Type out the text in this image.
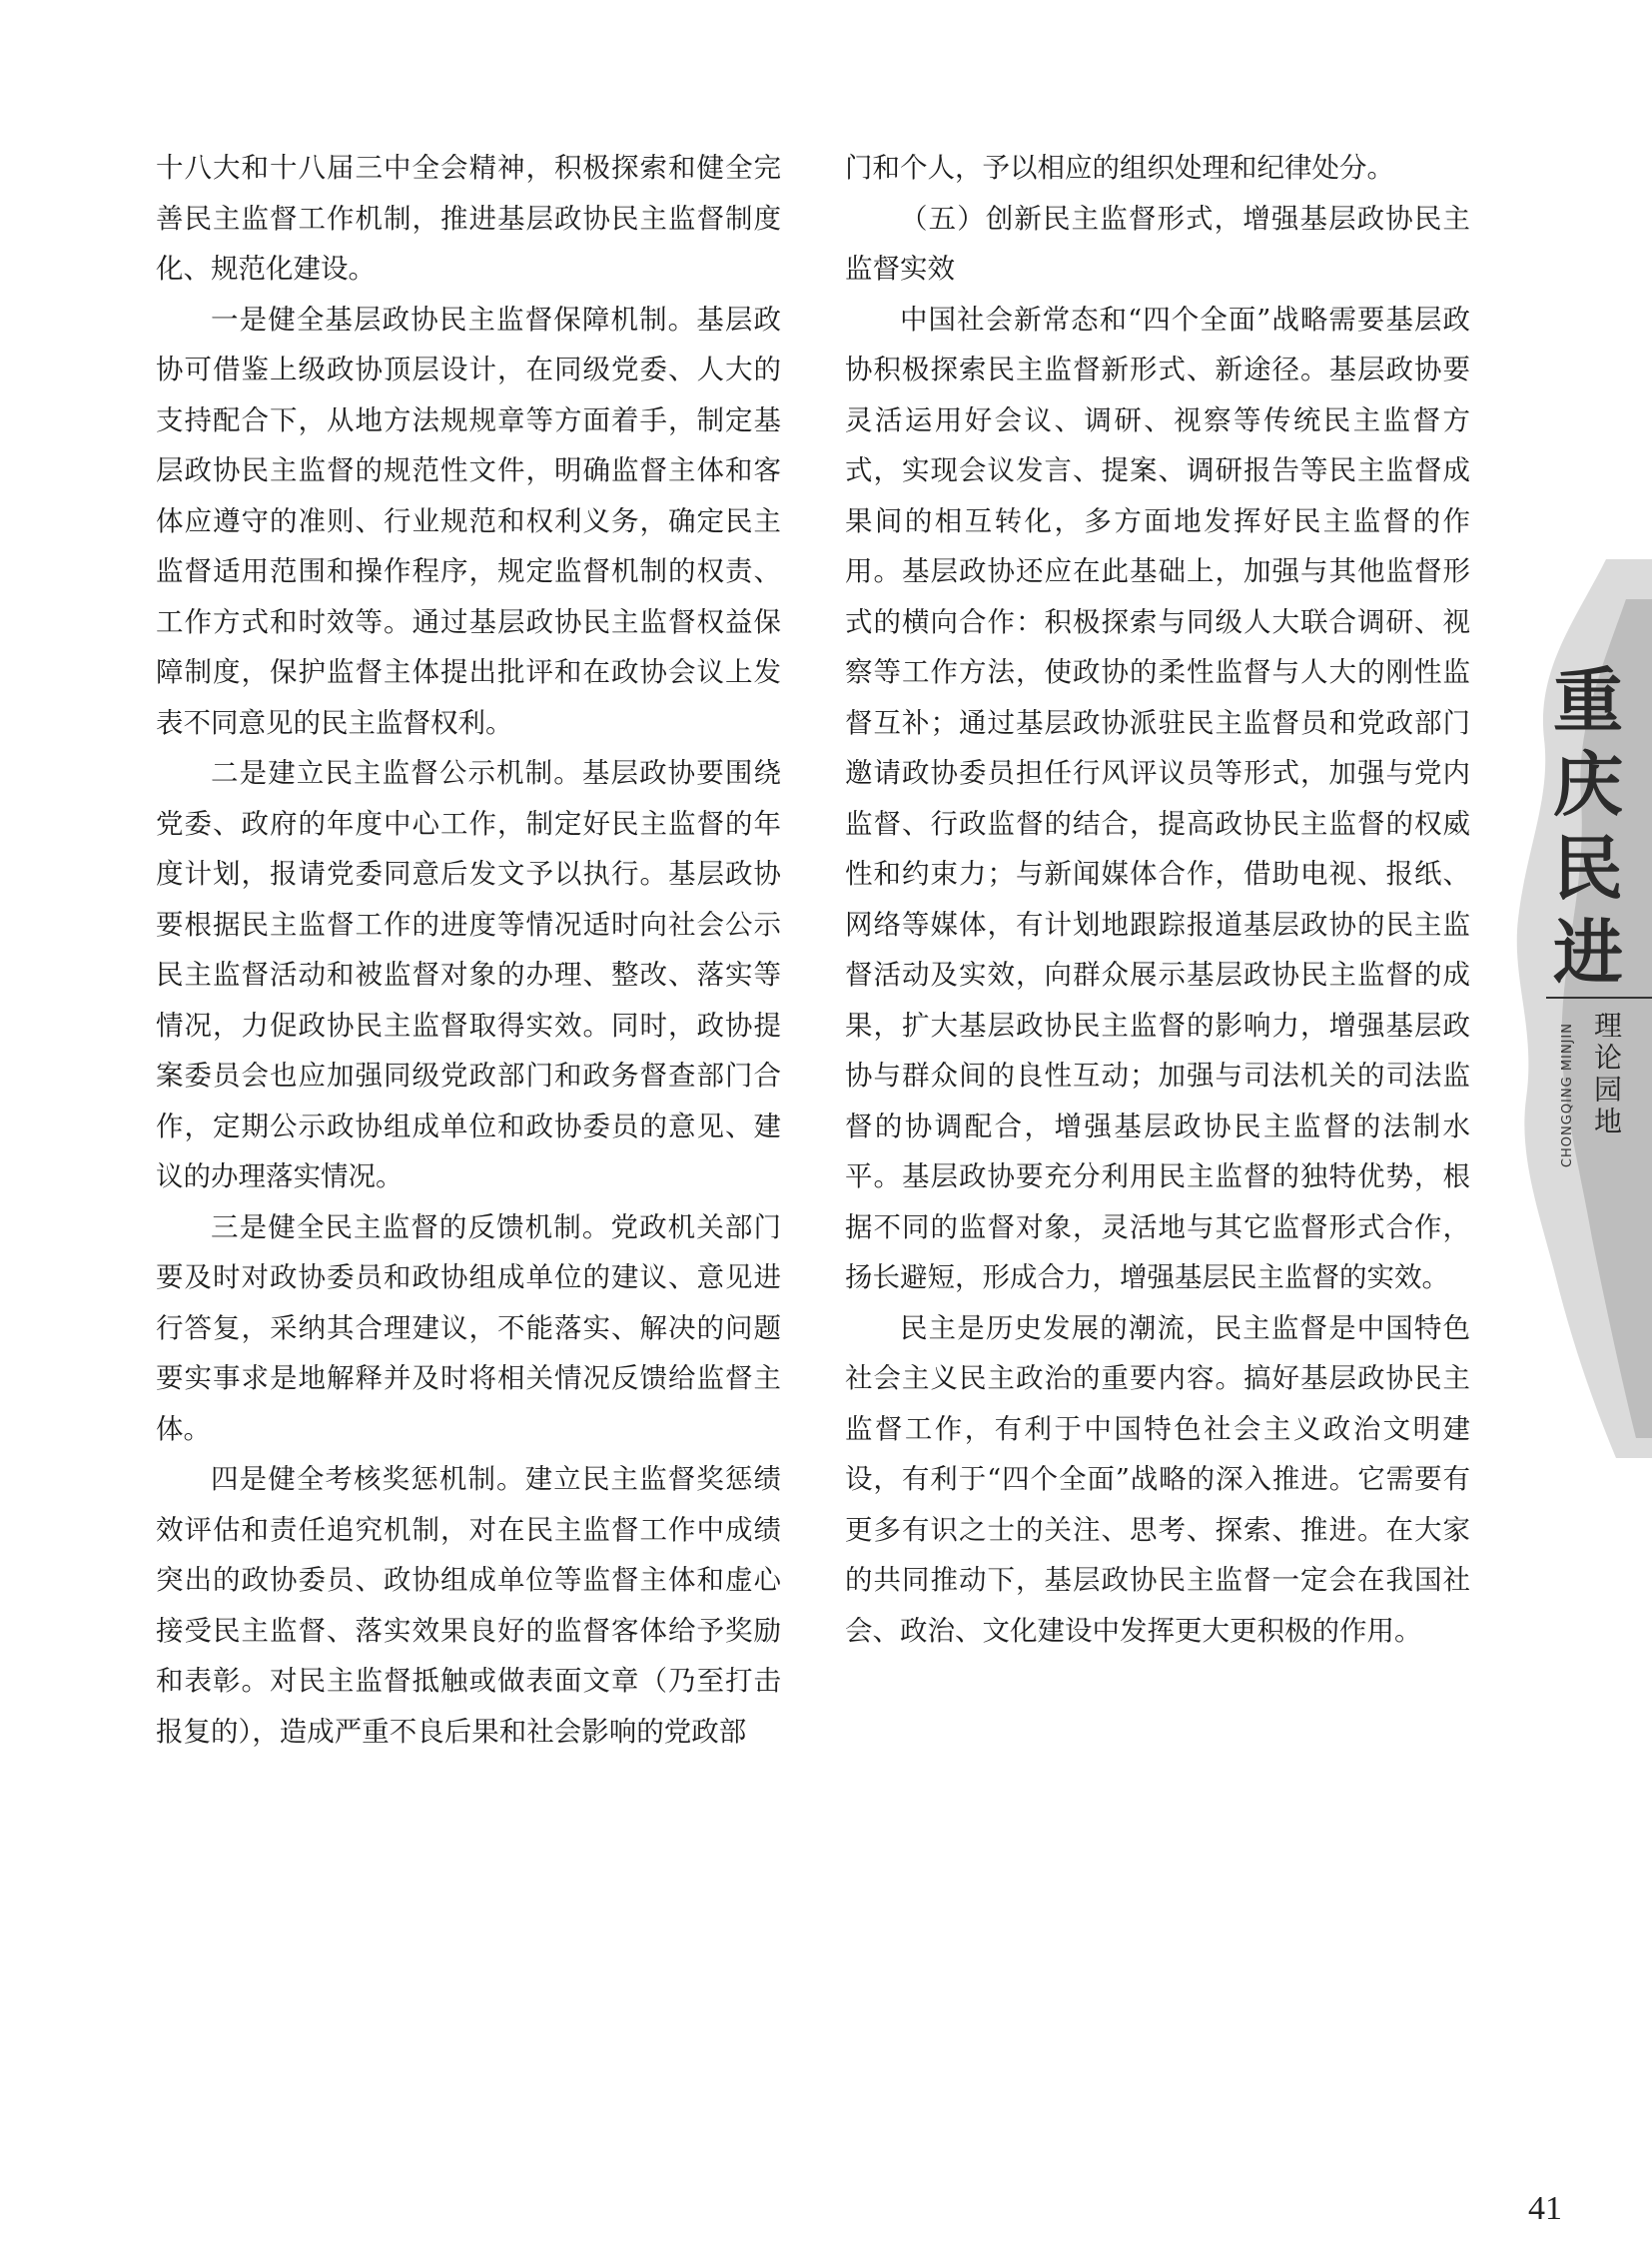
十八大和十八届三中全会精神，积极探索和健全完善民主监督工作机制，推进基层政协民主监督制度化、规范化建设。

一是健全基层政协民主监督保障机制。基层政协可借鉴上级政协顶层设计，在同级党委、人大的支持配合下，从地方法规规章等方面着手，制定基层政协民主监督的规范性文件，明确监督主体和客体应遵守的准则、行业规范和权利义务，确定民主监督适用范围和操作程序，规定监督机制的权责、工作方式和时效等。通过基层政协民主监督权益保障制度，保护监督主体提出批评和在政协会议上发表不同意见的民主监督权利。

二是建立民主监督公示机制。基层政协要围绕党委、政府的年度中心工作，制定好民主监督的年度计划，报请党委同意后发文予以执行。基层政协要根据民主监督工作的进度等情况适时向社会公示民主监督活动和被监督对象的办理、整改、落实等情况，力促政协民主监督取得实效。同时，政协提案委员会也应加强同级党政部门和政务督查部门合作，定期公示政协组成单位和政协委员的意见、建议的办理落实情况。

三是健全民主监督的反馈机制。党政机关部门要及时对政协委员和政协组成单位的建议、意见进行答复，采纳其合理建议，不能落实、解决的问题要实事求是地解释并及时将相关情况反馈给监督主体。

四是健全考核奖惩机制。建立民主监督奖惩绩效评估和责任追究机制，对在民主监督工作中成绩突出的政协委员、政协组成单位等监督主体和虚心接受民主监督、落实效果良好的监督客体给予奖励和表彰。对民主监督抵触或做表面文章（乃至打击报复的），造成严重不良后果和社会影响的党政部

门和个人，予以相应的组织处理和纪律处分。

（五）创新民主监督形式，增强基层政协民主监督实效

中国社会新常态和“四个全面”战略需要基层政协积极探索民主监督新形式、新途径。基层政协要灵活运用好会议、调研、视察等传统民主监督方式，实现会议发言、提案、调研报告等民主监督成果间的相互转化，多方面地发挥好民主监督的作用。基层政协还应在此基础上，加强与其他监督形式的横向合作：积极探索与同级人大联合调研、视察等工作方法，使政协的柔性监督与人大的刚性监督互补；通过基层政协派驻民主监督员和党政部门邀请政协委员担任行风评议员等形式，加强与党内监督、行政监督的结合，提高政协民主监督的权威性和约束力；与新闻媒体合作，借助电视、报纸、网络等媒体，有计划地跟踪报道基层政协的民主监督活动及实效，向群众展示基层政协民主监督的成果，扩大基层政协民主监督的影响力，增强基层政协与群众间的良性互动；加强与司法机关的司法监督的协调配合，增强基层政协民主监督的法制水平。基层政协要充分利用民主监督的独特优势，根据不同的监督对象，灵活地与其它监督形式合作，扬长避短，形成合力，增强基层民主监督的实效。

民主是历史发展的潮流，民主监督是中国特色社会主义民主政治的重要内容。搞好基层政协民主监督工作，有利于中国特色社会主义政治文明建设，有利于“四个全面”战略的深入推进。它需要有更多有识之士的关注、思考、探索、推进。在大家的共同推动下，基层政协民主监督一定会在我国社会、政治、文化建设中发挥更大更积极的作用。

重庆民进
理论园地
CHONGQING MINJIN
41
